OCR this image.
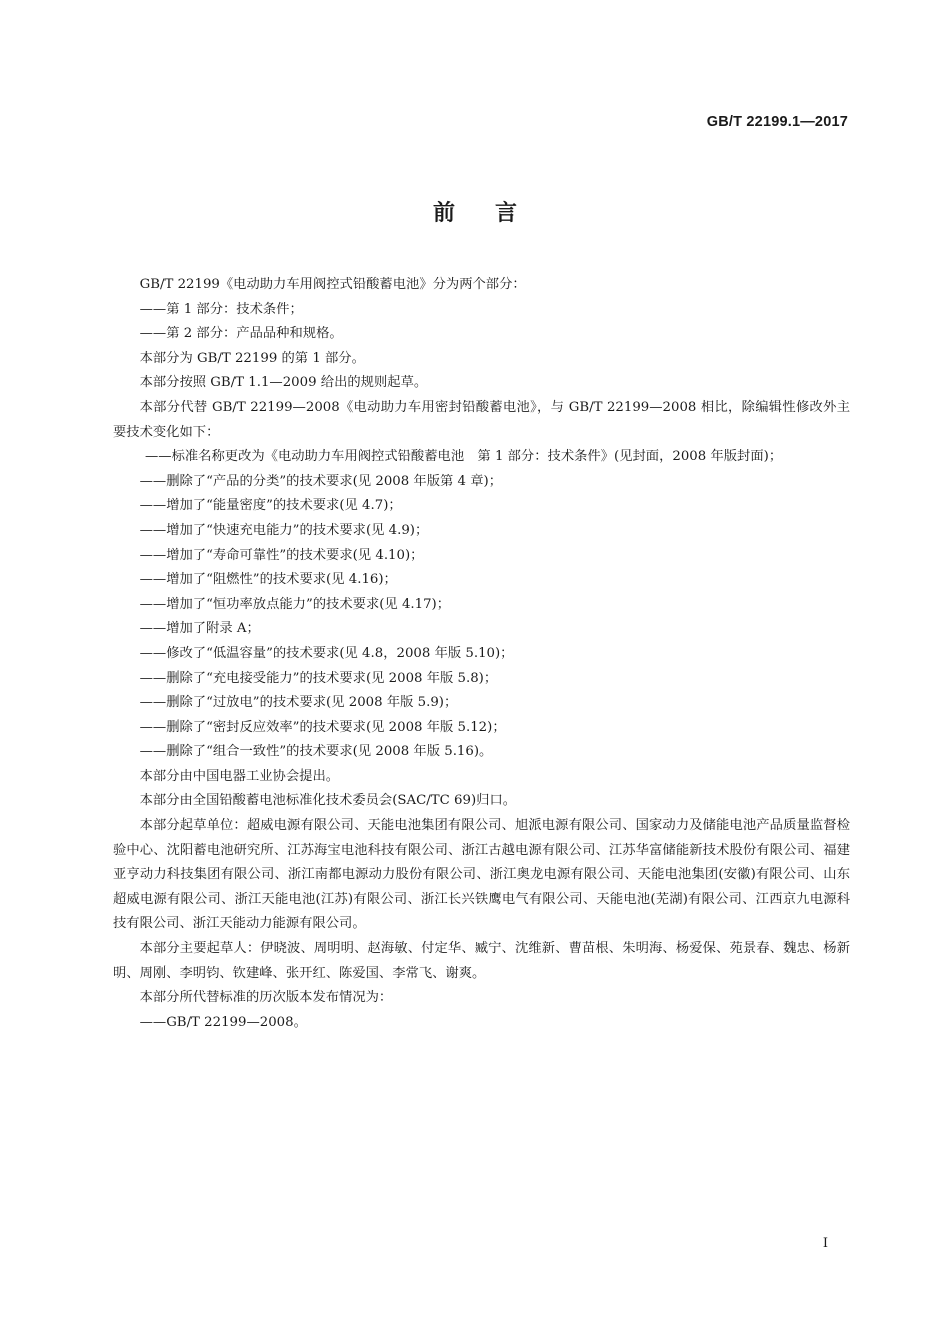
GB/T 22199.1—2017
前言

GB/T 22199《电动助力车用阀控式铅酸蓄电池》分为两个部分：

——第 1 部分：技术条件；

——第 2 部分：产品品种和规格。

本部分为 GB/T 22199 的第 1 部分。

本部分按照 GB/T 1.1—2009 给出的规则起草。

本部分代替 GB/T 22199—2008《电动助力车用密封铅酸蓄电池》，与 GB/T 22199—2008 相比，除编辑性修改外主要技术变化如下：

——标准名称更改为《电动助力车用阀控式铅酸蓄电池　第 1 部分：技术条件》(见封面，2008 年版封面)；

——删除了“产品的分类”的技术要求(见 2008 年版第 4 章)；

——增加了“能量密度”的技术要求(见 4.7)；

——增加了“快速充电能力”的技术要求(见 4.9)；

——增加了“寿命可靠性”的技术要求(见 4.10)；

——增加了“阻燃性”的技术要求(见 4.16)；

——增加了“恒功率放点能力”的技术要求(见 4.17)；

——增加了附录 A；

——修改了“低温容量”的技术要求(见 4.8，2008 年版 5.10)；

——删除了“充电接受能力”的技术要求(见 2008 年版 5.8)；

——删除了“过放电”的技术要求(见 2008 年版 5.9)；

——删除了“密封反应效率”的技术要求(见 2008 年版 5.12)；

——删除了“组合一致性”的技术要求(见 2008 年版 5.16)。

本部分由中国电器工业协会提出。

本部分由全国铅酸蓄电池标准化技术委员会(SAC/TC 69)归口。

本部分起草单位：超威电源有限公司、天能电池集团有限公司、旭派电源有限公司、国家动力及储能电池产品质量监督检验中心、沈阳蓄电池研究所、江苏海宝电池科技有限公司、浙江古越电源有限公司、江苏华富储能新技术股份有限公司、福建亚亨动力科技集团有限公司、浙江南都电源动力股份有限公司、浙江奥龙电源有限公司、天能电池集团(安徽)有限公司、山东超威电源有限公司、浙江天能电池(江苏)有限公司、浙江长兴铁鹰电气有限公司、天能电池(芜湖)有限公司、江西京九电源科技有限公司、浙江天能动力能源有限公司。

本部分主要起草人：伊晓波、周明明、赵海敏、付定华、臧宁、沈维新、曹苗根、朱明海、杨爱保、苑景春、魏忠、杨新明、周刚、李明钧、钦建峰、张开红、陈爱国、李常飞、谢爽。

本部分所代替标准的历次版本发布情况为：

——GB/T 22199—2008。

I
